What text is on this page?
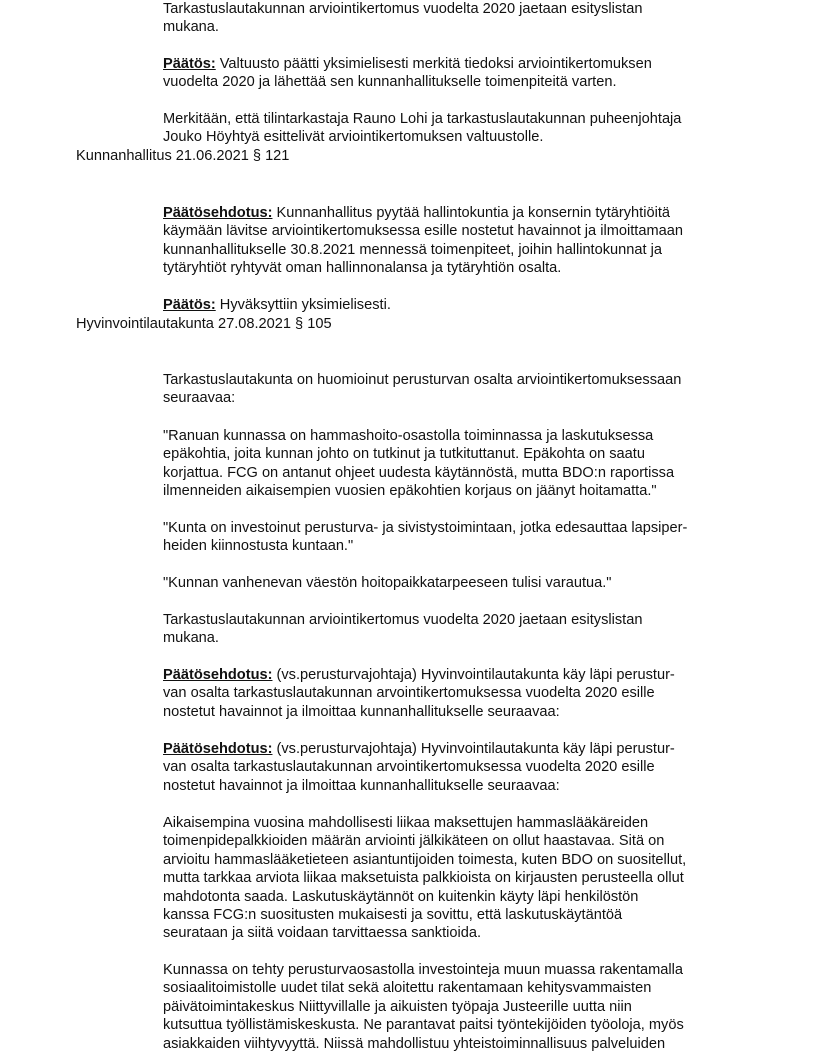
Tarkastuslautakunnan arviointikertomus vuodelta 2020 jaetaan esityslistan
mukana.

Päätös: Valtuusto päätti yksimielisesti merkitä tiedoksi arviointikertomuksen
vuodelta 2020 ja lähettää sen kunnanhallitukselle toimenpiteitä varten.

Merkitään, että tilintarkastaja Rauno Lohi ja tarkastuslautakunnan puheenjohtaja
Jouko Höyhtyä esittelivät arviointikertomuksen valtuustolle.

Kunnanhallitus 21.06.2021 § 121

Päätösehdotus: Kunnanhallitus pyytää hallintokuntia ja konsernin tytäryhtiöitä
käymään lävitse arviointikertomuksessa esille nostetut havainnot ja ilmoittamaan
kunnanhallitukselle 30.8.2021 mennessä toimenpiteet, joihin hallintokunnat ja
tytäryhtiöt ryhtyvät oman hallinnonalansa ja tytäryhtiön osalta.

Päätös: Hyväksyttiin yksimielisesti.

Hyvinvointilautakunta 27.08.2021 § 105

Tarkastuslautakunta on huomioinut perusturvan osalta arviointikertomuksessaan
seuraavaa:

"Ranuan kunnassa on hammashoito-osastolla toiminnassa ja laskutuksessa
epäkohtia, joita kunnan johto on tutkinut ja tutkituttanut. Epäkohta on saatu
korjattua. FCG on antanut ohjeet uudesta käytännöstä, mutta BDO:n raportissa
ilmenneiden aikaisempien vuosien epäkohtien korjaus on jäänyt hoitamatta."

"Kunta on investoinut perusturva- ja sivistystoimintaan, jotka edesauttaa lapsiper-
heiden kiinnostusta kuntaan."

"Kunnan vanhenevan väestön hoitopaikkatarpeeseen tulisi varautua."

Tarkastuslautakunnan arviointikertomus vuodelta 2020 jaetaan esityslistan
mukana.

Päätösehdotus: (vs.perusturvajohtaja) Hyvinvointilautakunta käy läpi perustur-
van osalta tarkastuslautakunnan arvointikertomuksessa vuodelta 2020 esille
nostetut havainnot ja ilmoittaa kunnanhallitukselle seuraavaa:

Päätösehdotus: (vs.perusturvajohtaja) Hyvinvointilautakunta käy läpi perustur-
van osalta tarkastuslautakunnan arvointikertomuksessa vuodelta 2020 esille
nostetut havainnot ja ilmoittaa kunnanhallitukselle seuraavaa:

Aikaisempina vuosina mahdollisesti liikaa maksettujen hammaslääkäreiden
toimenpidepalkkioiden määrän arviointi jälkikäteen on ollut haastavaa. Sitä on
arvioitu hammaslääketieteen asiantuntijoiden toimesta, kuten BDO on suositellut,
mutta tarkkaa arviota liikaa maksetuista palkkioista on kirjausten perusteella ollut
mahdotonta saada. Laskutuskäytännöt on kuitenkin käyty läpi henkilöstön
kanssa FCG:n suositusten mukaisesti ja sovittu, että laskutuskäytäntöä
seurataan ja siitä voidaan tarvittaessa sanktioida.

Kunnassa on tehty perusturvaosastolla investointeja muun muassa rakentamalla
sosiaalitoimistolle uudet tilat sekä aloitettu rakentamaan kehitysvammaisten
päivätoimintakeskus Niittyvillalle ja aikuisten työpaja Justeerille uutta niin
kutsuttua työllistämiskeskusta. Ne parantavat paitsi työntekijöiden työoloja, myös
asiakkaiden viihtyvyyttä. Niissä mahdollistuu yhteistoiminnallisuus palveluiden
